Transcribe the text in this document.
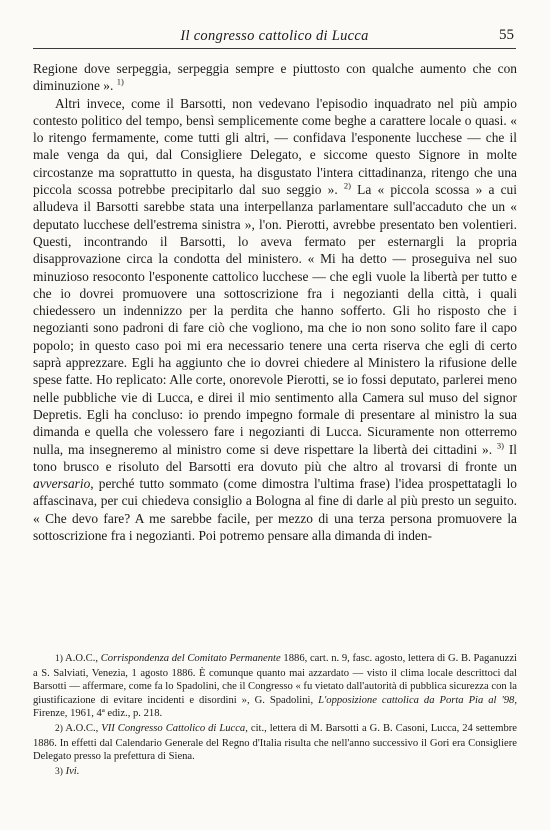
Il congresso cattolico di Lucca	55

Regione dove serpeggia, serpeggia sempre e piuttosto con qualche aumento che con diminuzione ». $^{1)}$

Altri invece, come il Barsotti, non vedevano l'episodio inquadrato nel più ampio contesto politico del tempo, bensì semplicemente come beghe a carattere locale o quasi. « lo ritengo fermamente, come tutti gli altri, — confidava l'esponente lucchese — che il male venga da qui, dal Consigliere Delegato, e siccome questo Signore in molte circostanze ma soprattutto in questa, ha disgustato l'intera cittadinanza, ritengo che una piccola scossa potrebbe precipitarlo dal suo seggio ». $^{2)}$ La « piccola scossa » a cui alludeva il Barsotti sarebbe stata una interpellanza parlamentare sull'accaduto che un « deputato lucchese dell'estrema sinistra », l'on. Pierotti, avrebbe presentato ben volentieri. Questi, incontrando il Barsotti, lo aveva fermato per esternargli la propria disapprovazione circa la condotta del ministero. « Mi ha detto — proseguiva nel suo minuzioso resoconto l'esponente cattolico lucchese — che egli vuole la libertà per tutto e che io dovrei promuovere una sottoscrizione fra i negozianti della città, i quali chiedessero un indennizzo per la perdita che hanno sofferto. Gli ho risposto che i negozianti sono padroni di fare ciò che vogliono, ma che io non sono solito fare il capo popolo; in questo caso poi mi era necessario tenere una certa riserva che egli di certo saprà apprezzare. Egli ha aggiunto che io dovrei chiedere al Ministero la rifusione delle spese fatte. Ho replicato: Alle corte, onorevole Pierotti, se io fossi deputato, parlerei meno nelle pubbliche vie di Lucca, e direi il mio sentimento alla Camera sul muso del signor Depretis. Egli ha concluso: io prendo impegno formale di presentare al ministro la sua dimanda e quella che volessero fare i negozianti di Lucca. Sicuramente non otterremo nulla, ma insegneremo al ministro come si deve rispettare la libertà dei cittadini ». $^{3)}$ Il tono brusco e risoluto del Barsotti era dovuto più che altro al trovarsi di fronte un avversario, perché tutto sommato (come dimostra l'ultima frase) l'idea prospettatagli lo affascinava, per cui chiedeva consiglio a Bologna al fine di darle al più presto un seguito. « Che devo fare? A me sarebbe facile, per mezzo di una terza persona promuovere la sottoscrizione fra i negozianti. Poi potremo pensare alla dimanda di inden-

1) A.O.C., Corrispondenza del Comitato Permanente 1886, cart. n. 9, fasc. agosto, lettera di G. B. Paganuzzi a S. Salviati, Venezia, 1 agosto 1886. È comunque quanto mai azzardato — visto il clima locale descrittoci dal Barsotti — affermare, come fa lo Spadolini, che il Congresso « fu vietato dall'autorità di pubblica sicurezza con la giustificazione di evitare incidenti e disordini », G. Spadolini, L'opposizione cattolica da Porta Pia al '98, Firenze, 1961, 4ª ediz., p. 218.

2) A.O.C., VII Congresso Cattolico di Lucca, cit., lettera di M. Barsotti a G. B. Casoni, Lucca, 24 settembre 1886. In effetti dal Calendario Generale del Regno d'Italia risulta che nell'anno successivo il Gori era Consigliere Delegato presso la prefettura di Siena.

3) Ivi.
